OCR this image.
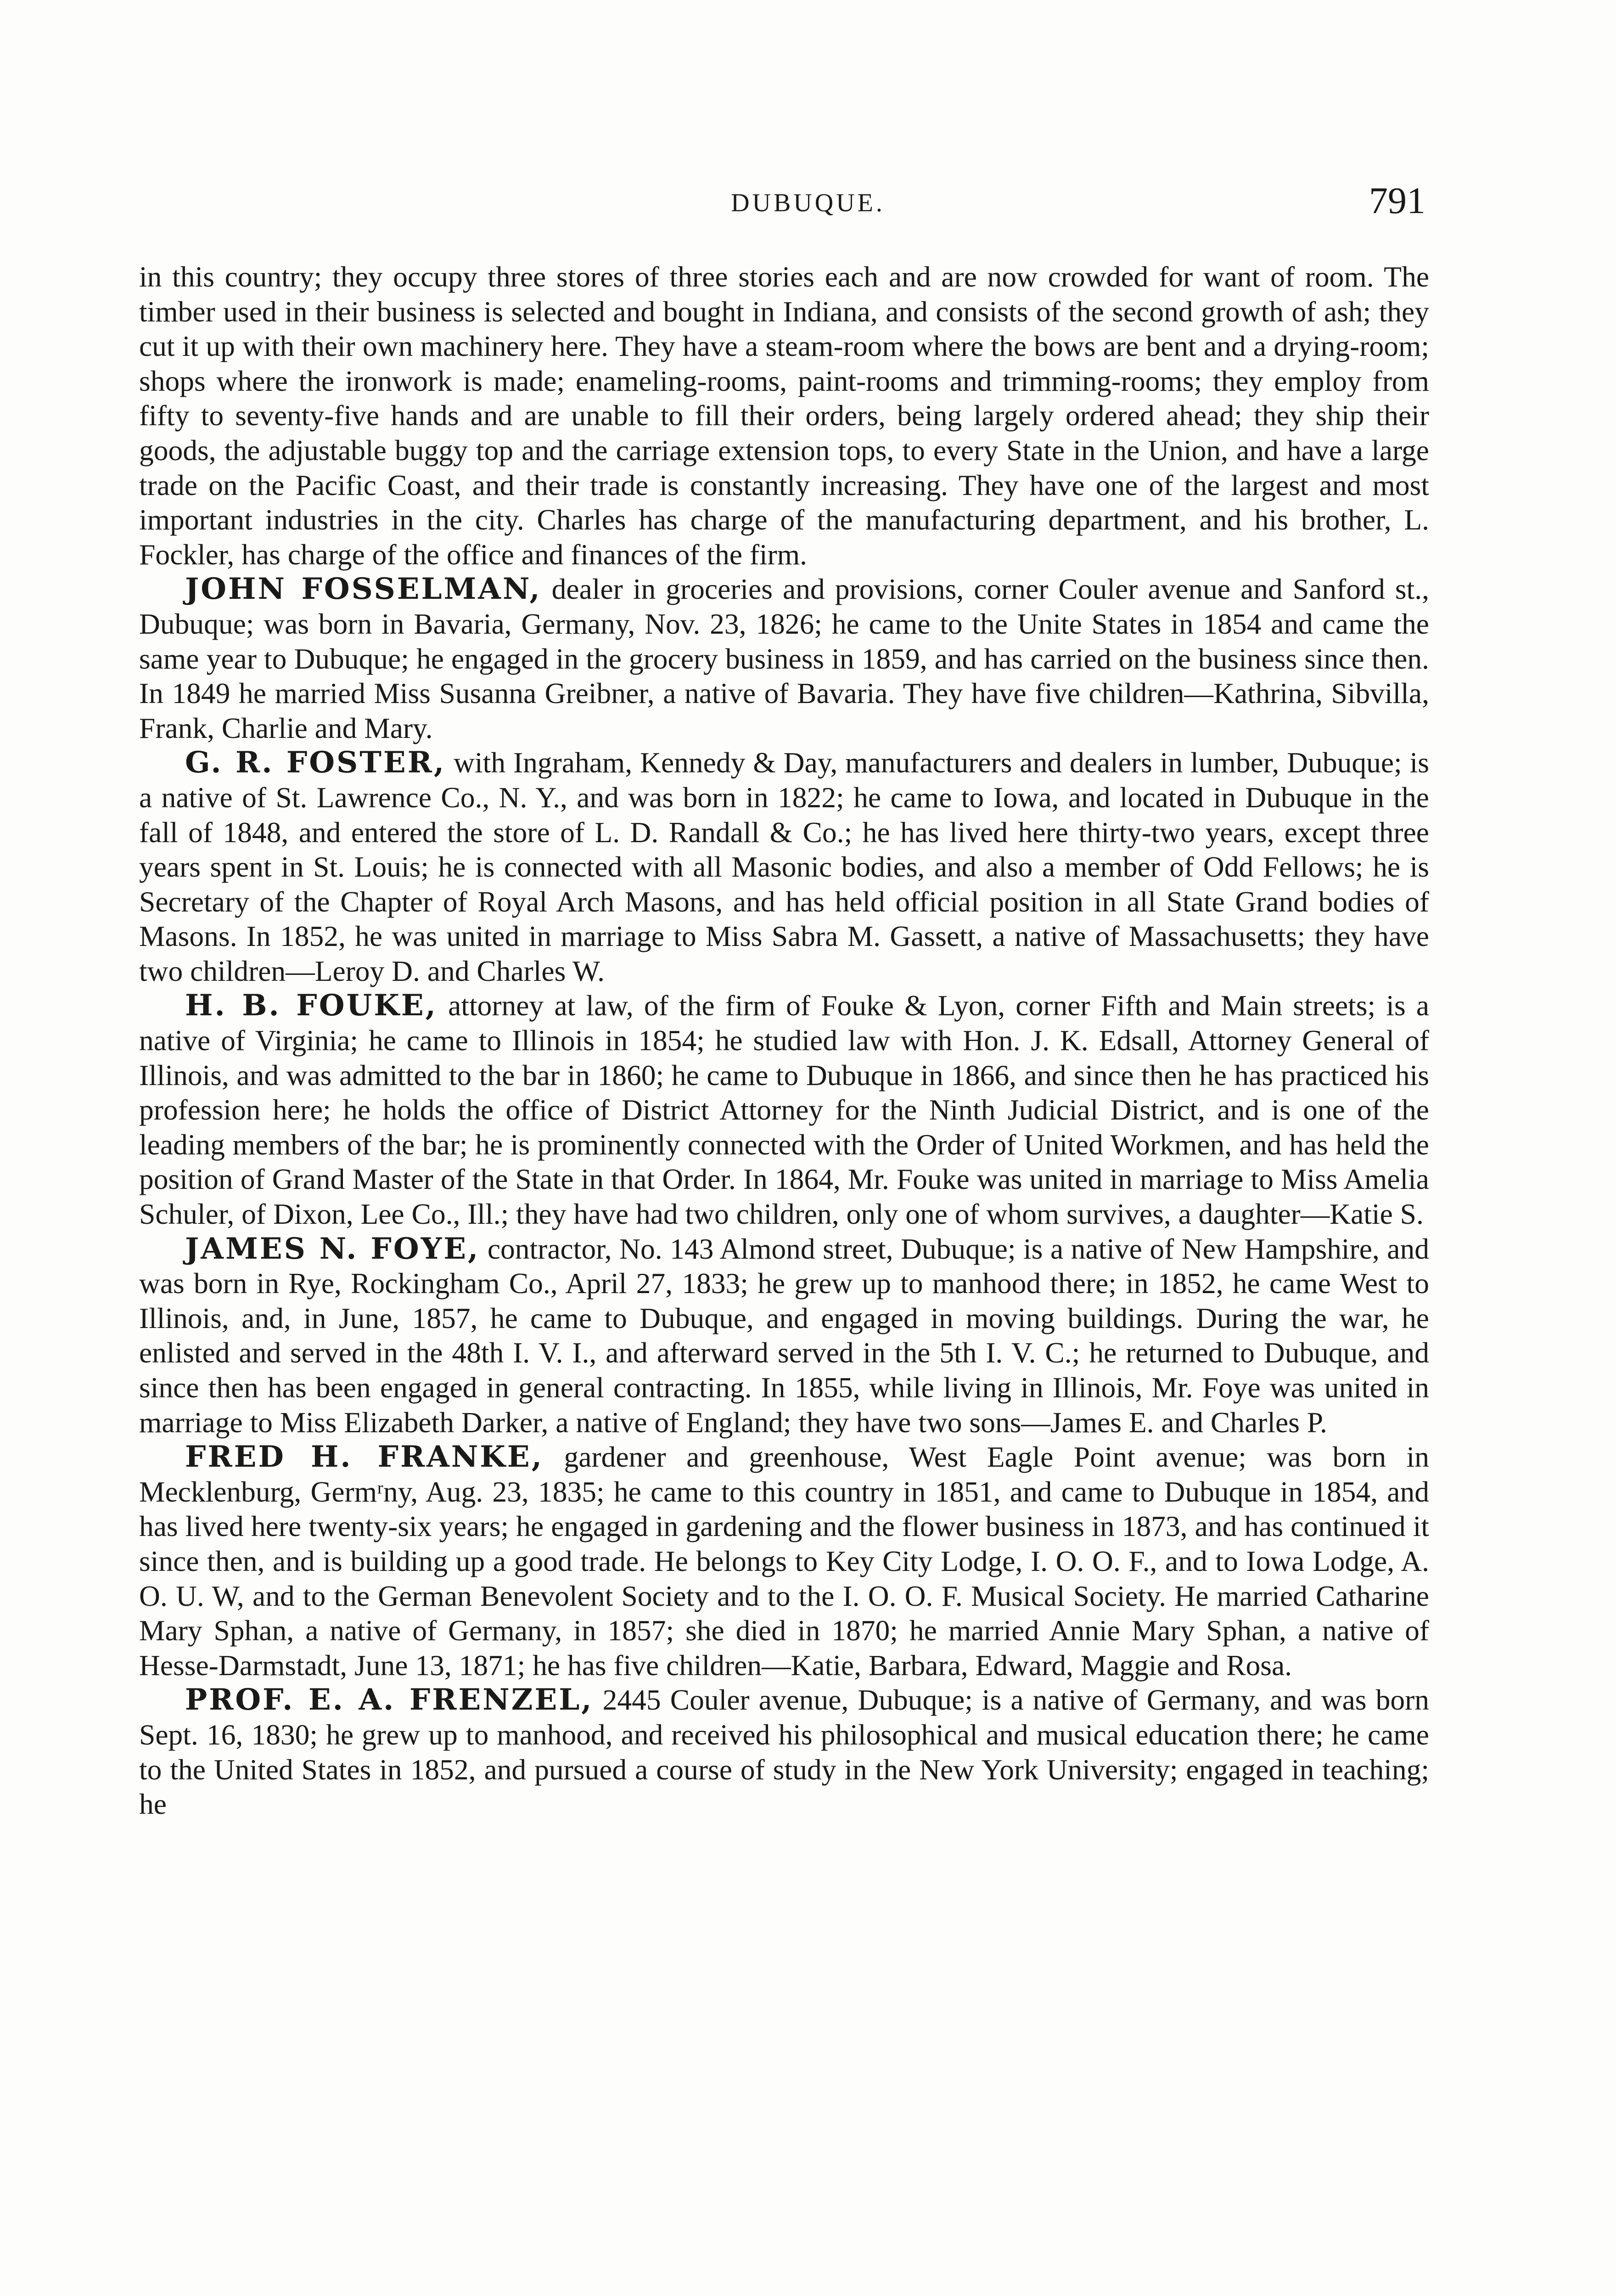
DUBUQUE.	791

in this country; they occupy three stores of three stories each and are now crowded for want of room. The timber used in their business is selected and bought in Indiana, and consists of the second growth of ash; they cut it up with their own machinery here. They have a steam-room where the bows are bent and a drying-room; shops where the ironwork is made; enameling-rooms, paint-rooms and trimming-rooms; they employ from fifty to seventy-five hands and are unable to fill their orders, being largely ordered ahead; they ship their goods, the adjustable buggy top and the carriage extension tops, to every State in the Union, and have a large trade on the Pacific Coast, and their trade is constantly increasing. They have one of the largest and most important industries in the city. Charles has charge of the manufacturing department, and his brother, L. Fockler, has charge of the office and finances of the firm.

JOHN FOSSELMAN, dealer in groceries and provisions, corner Couler avenue and Sanford st., Dubuque; was born in Bavaria, Germany, Nov. 23, 1826; he came to the Unite States in 1854 and came the same year to Dubuque; he engaged in the grocery business in 1859, and has carried on the business since then. In 1849 he married Miss Susanna Greibner, a native of Bavaria. They have five children—Kathrina, Sibvilla, Frank, Charlie and Mary.

G. R. FOSTER, with Ingraham, Kennedy & Day, manufacturers and dealers in lumber, Dubuque; is a native of St. Lawrence Co., N. Y., and was born in 1822; he came to Iowa, and located in Dubuque in the fall of 1848, and entered the store of L. D. Randall & Co.; he has lived here thirty-two years, except three years spent in St. Louis; he is connected with all Masonic bodies, and also a member of Odd Fellows; he is Secretary of the Chapter of Royal Arch Masons, and has held official position in all State Grand bodies of Masons. In 1852, he was united in marriage to Miss Sabra M. Gassett, a native of Massachusetts; they have two children—Leroy D. and Charles W.

H. B. FOUKE, attorney at law, of the firm of Fouke & Lyon, corner Fifth and Main streets; is a native of Virginia; he came to Illinois in 1854; he studied law with Hon. J. K. Edsall, Attorney General of Illinois, and was admitted to the bar in 1860; he came to Dubuque in 1866, and since then he has practiced his profession here; he holds the office of District Attorney for the Ninth Judicial District, and is one of the leading members of the bar; he is prominently connected with the Order of United Workmen, and has held the position of Grand Master of the State in that Order. In 1864, Mr. Fouke was united in marriage to Miss Amelia Schuler, of Dixon, Lee Co., Ill.; they have had two children, only one of whom survives, a daughter—Katie S.

JAMES N. FOYE, contractor, No. 143 Almond street, Dubuque; is a native of New Hampshire, and was born in Rye, Rockingham Co., April 27, 1833; he grew up to manhood there; in 1852, he came West to Illinois, and, in June, 1857, he came to Dubuque, and engaged in moving buildings. During the war, he enlisted and served in the 48th I. V. I., and afterward served in the 5th I. V. C.; he returned to Dubuque, and since then has been engaged in general contracting. In 1855, while living in Illinois, Mr. Foye was united in marriage to Miss Elizabeth Darker, a native of England; they have two sons—James E. and Charles P.

FRED H. FRANKE, gardener and greenhouse, West Eagle Point avenue; was born in Mecklenburg, Germʳny, Aug. 23, 1835; he came to this country in 1851, and came to Dubuque in 1854, and has lived here twenty-six years; he engaged in gardening and the flower business in 1873, and has continued it since then, and is building up a good trade. He belongs to Key City Lodge, I. O. O. F., and to Iowa Lodge, A. O. U. W, and to the German Benevolent Society and to the I. O. O. F. Musical Society. He married Catharine Mary Sphan, a native of Germany, in 1857; she died in 1870; he married Annie Mary Sphan, a native of Hesse-Darmstadt, June 13, 1871; he has five children—Katie, Barbara, Edward, Maggie and Rosa.

PROF. E. A. FRENZEL, 2445 Couler avenue, Dubuque; is a native of Germany, and was born Sept. 16, 1830; he grew up to manhood, and received his philosophical and musical education there; he came to the United States in 1852, and pursued a course of study in the New York University; engaged in teaching; he
